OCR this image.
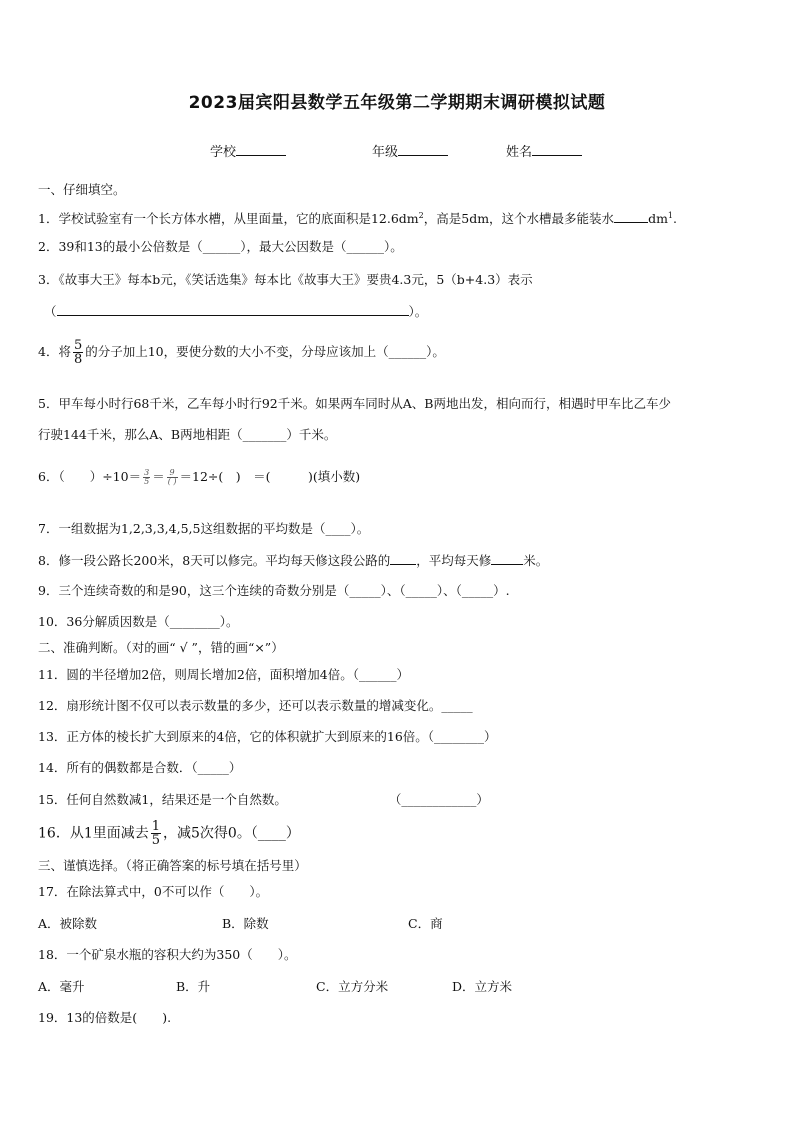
2023届宾阳县数学五年级第二学期期末调研模拟试题
学校	年级	姓名
一、仔细填空。
1．学校试验室有一个长方体水槽，从里面量，它的底面积是$12.6dm^2$，高是5dm，这个水槽最多能装水	$dm^1$.
2．39和13的最小公倍数是（______），最大公因数是（______）。
3．《故事大王》每本b元，《笑话选集》每本比《故事大王》要贵4.3元，5（b+4.3）表示
（	）。
4．将 $\frac{5}{8}$ 的分子加上10，要使分数的大小不变，分母应该加上（______）。
5．甲车每小时行68千米，乙车每小时行92千米。如果两车同时从A、B两地出发，相向而行，相遇时甲车比乙车少
行驶144千米，那么A、B两地相距（_______）千米。
6．（　　）$\div 10= \frac{3}{5} = \frac{9}{( )} =12\div$(　)　＝(　　　)(填小数)
7．一组数据为1,2,3,3,4,5,5这组数据的平均数是（____）。
8．修一段公路长200米，8天可以修完。平均每天修这段公路的 ，平均每天修	米。
9．三个连续奇数的和是90，这三个连续的奇数分别是（_____）、（_____）、（_____）.
10．36分解质因数是（________）。
二、准确判断。（对的画“ √ ”，错的画“×”）
11．圆的半径增加2倍，则周长增加2倍，面积增加4倍。（______）
12．扇形统计图不仅可以表示数量的多少，还可以表示数量的增减变化。_____
13．正方体的棱长扩大到原来的4倍，它的体积就扩大到原来的16倍。（________）
14．所有的偶数都是合数．（_____）
15．任何自然数减1，结果还是一个自然数。	（____________）
16．从1里面减去 $\frac{1}{5}$ ，减5次得0。（____）
三、谨慎选择。（将正确答案的标号填在括号里）
17．在除法算式中，0不可以作（　　）。
A．被除数	B．除数	C．商
18．一个矿泉水瓶的容积大约为350（　　）。
A．毫升	B．升	C．立方分米	D．立方米
19．13的倍数是(　　).
